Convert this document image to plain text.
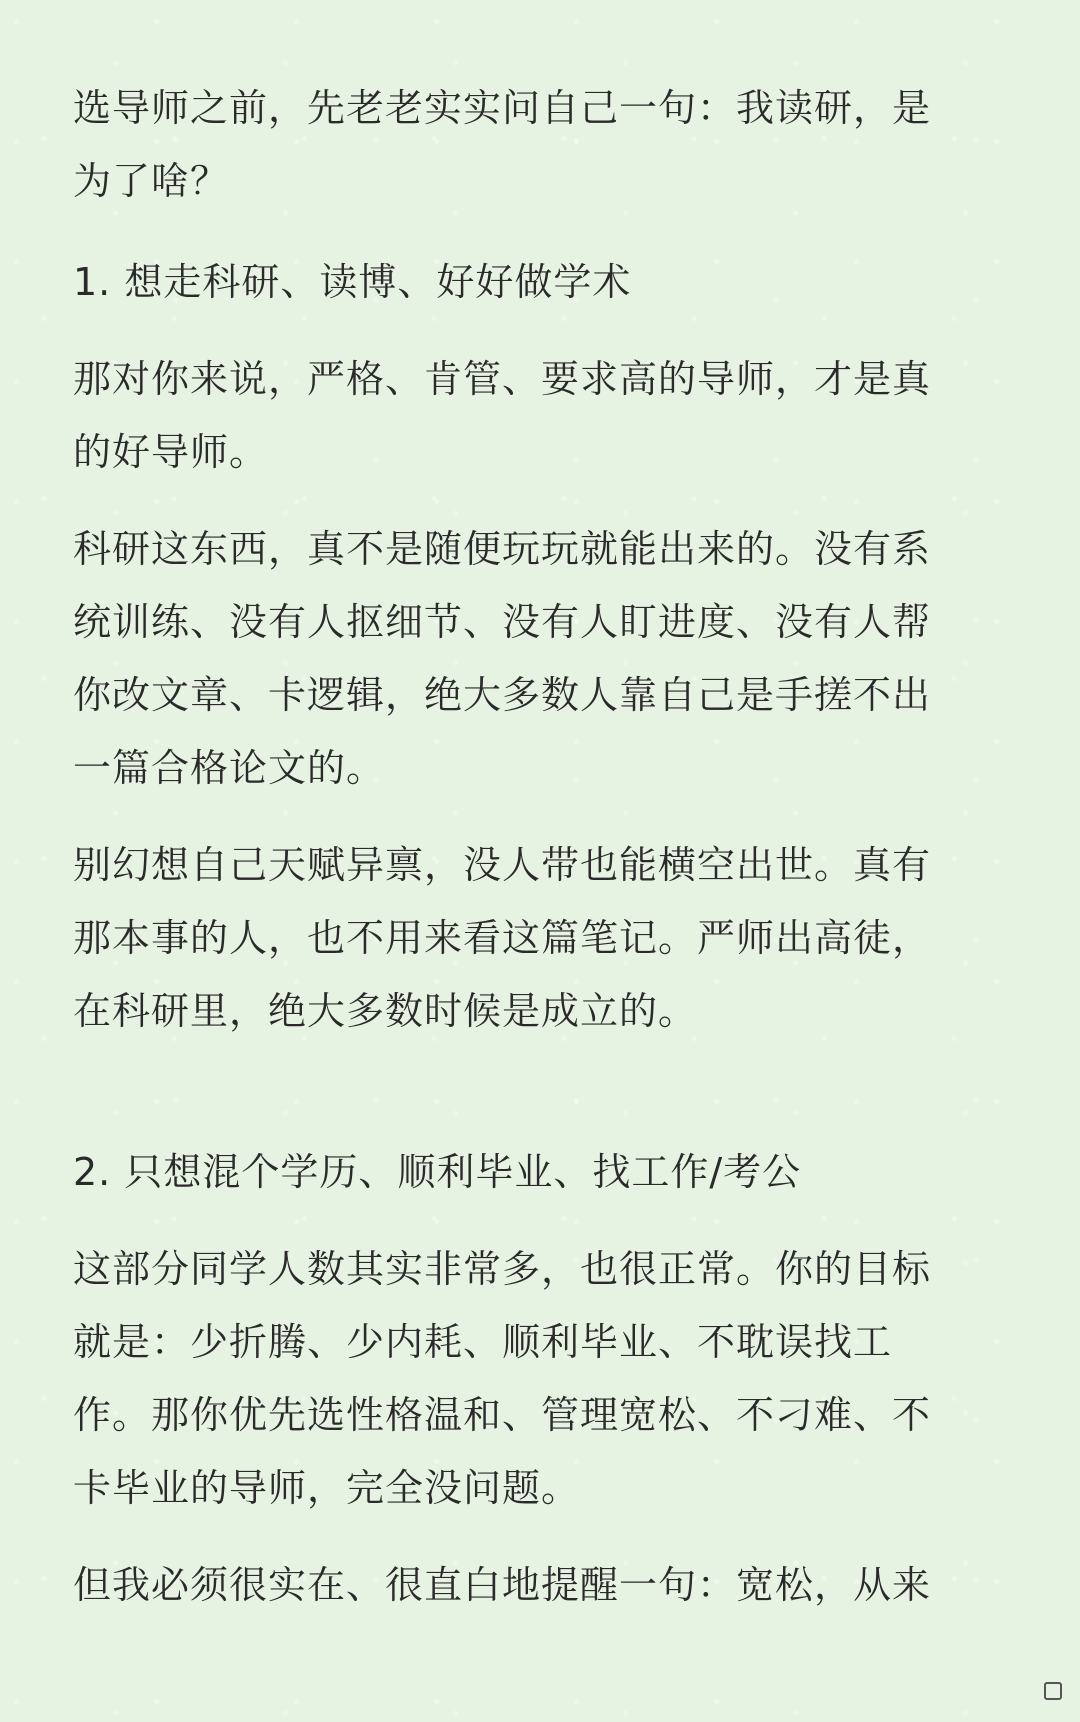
选导师之前，先老老实实问自己一句：我读研，是

为了啥？

1. 想走科研、读博、好好做学术

那对你来说，严格、肯管、要求高的导师，才是真

的好导师。

科研这东西，真不是随便玩玩就能出来的。没有系

统训练、没有人抠细节、没有人盯进度、没有人帮

你改文章、卡逻辑，绝大多数人靠自己是手搓不出

一篇合格论文的。

别幻想自己天赋异禀，没人带也能横空出世。真有

那本事的人，也不用来看这篇笔记。严师出高徒，

在科研里，绝大多数时候是成立的。

2. 只想混个学历、顺利毕业、找工作/考公

这部分同学人数其实非常多，也很正常。你的目标

就是：少折腾、少内耗、顺利毕业、不耽误找工

作。那你优先选性格温和、管理宽松、不刁难、不

卡毕业的导师，完全没问题。

但我必须很实在、很直白地提醒一句：宽松，从来
